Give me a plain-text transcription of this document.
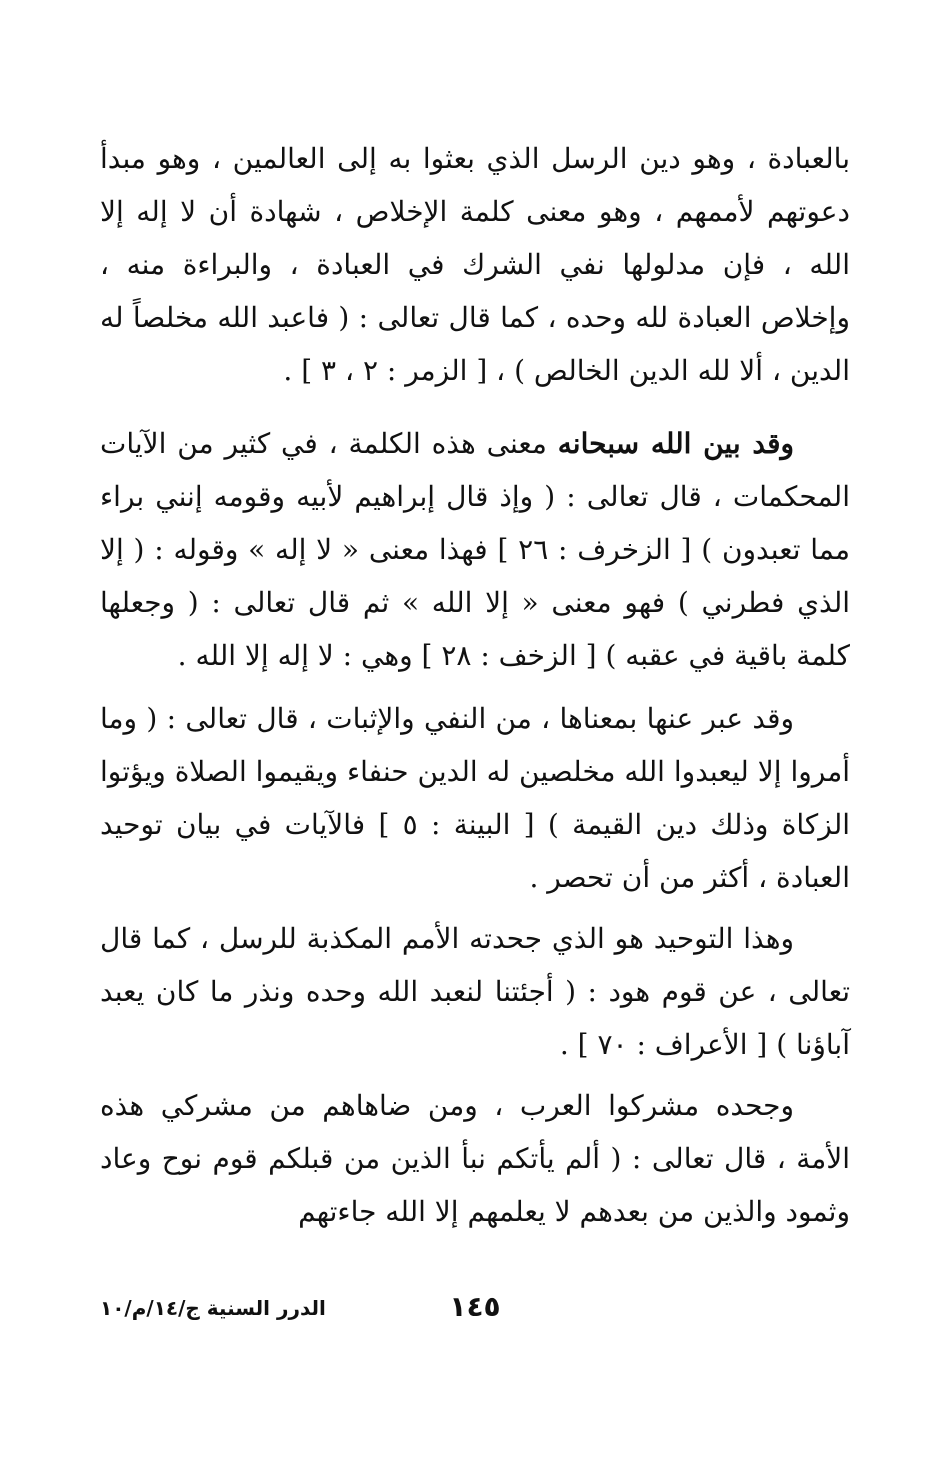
بالعبادة ، وهو دين الرسل الذي بعثوا به إلى العالمين ، وهو مبدأ دعوتهم لأممهم ، وهو معنى كلمة الإخلاص ، شهادة أن لا إله إلا الله ، فإن مدلولها نفي الشرك في العبادة ، والبراءة منه ، وإخلاص العبادة لله وحده ، كما قال تعالى : ( فاعبد الله مخلصاً له الدين ، ألا لله الدين الخالص ) ، [ الزمر : ٢ ، ٣ ] .

وقد بين الله سبحانه معنى هذه الكلمة ، في كثير من الآيات المحكمات ، قال تعالى : ( وإذ قال إبراهيم لأبيه وقومه إنني براء مما تعبدون ) [ الزخرف : ٢٦ ] فهذا معنى « لا إله » وقوله : ( إلا الذي فطرني ) فهو معنى « إلا الله » ثم قال تعالى : ( وجعلها كلمة باقية في عقبه ) [ الزخف : ٢٨ ] وهي : لا إله إلا الله .

وقد عبر عنها بمعناها ، من النفي والإثبات ، قال تعالى : ( وما أمروا إلا ليعبدوا الله مخلصين له الدين حنفاء ويقيموا الصلاة ويؤتوا الزكاة وذلك دين القيمة ) [ البينة : ٥ ] فالآيات في بيان توحيد العبادة ، أكثر من أن تحصر .

وهذا التوحيد هو الذي جحدته الأمم المكذبة للرسل ، كما قال تعالى ، عن قوم هود : ( أجئتنا لنعبد الله وحده ونذر ما كان يعبد آباؤنا ) [ الأعراف : ٧٠ ] .

وجحده مشركوا العرب ، ومن ضاهاهم من مشركي هذه الأمة ، قال تعالى : ( ألم يأتكم نبأ الذين من قبلكم قوم نوح وعاد وثمود والذين من بعدهم لا يعلمهم إلا الله جاءتهم

١٤٥
الدرر السنية ج/١٤/م/١٠
